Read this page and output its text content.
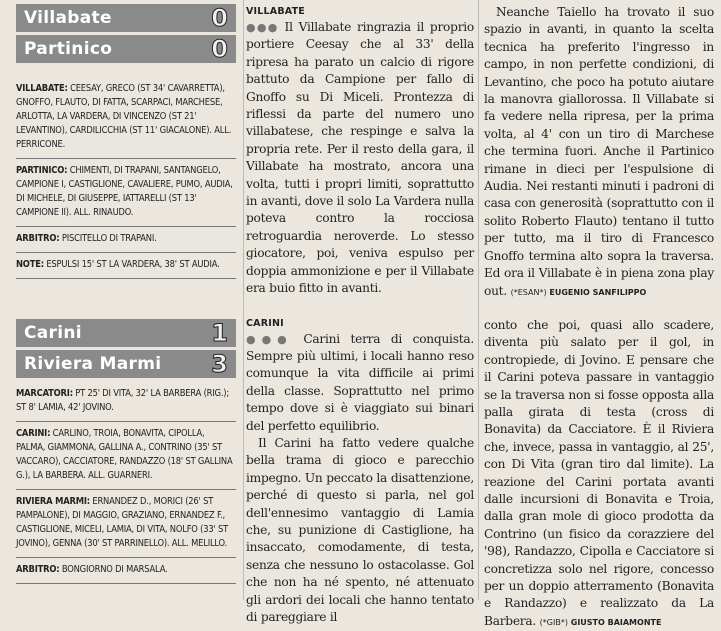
Villabate	0
Partinico	0

VILLABATE: CEESAY, GRECO (ST 34' CAVARRETTA), GNOFFO, FLAUTO, DI FATTA, SCARPACI, MARCHESE, ARLOTTA, LA VARDERA, DI VINCENZO (ST 21' LEVANTINO), CARDILICCHIA (ST 11' GIACALONE). ALL. PERRICONE.

PARTINICO: CHIMENTI, DI TRAPANI, SANTANGELO, CAMPIONE I, CASTIGLIONE, CAVALIERE, PUMO, AUDIA, DI MICHELE, DI GIUSEPPE, IATTARELLI (ST 13' CAMPIONE II). ALL. RINAUDO.

ARBITRO: PISCITELLO DI TRAPANI.

NOTE: ESPULSI 15' ST LA VARDERA, 38' ST AUDIA.

Carini	1
Riviera Marmi 3

MARCATORI: PT 25' DI VITA, 32' LA BARBERA (RIG.); ST 8' LAMIA, 42' JOVINO.

CARINI: CARLINO, TROIA, BONAVITA, CIPOLLA, PALMA, GIAMMONA, GALLINA A., CONTRINO (35' ST VACCARO), CACCIATORE, RANDAZZO (18' ST GALLINA G.), LA BARBERA. ALL. GUARNERI.

RIVIERA MARMI: ERNANDEZ D., MORICI (26' ST PAMPALONE), DI MAGGIO, GRAZIANO, ERNANDEZ F., CASTIGLIONE, MICELI, LAMIA, DI VITA, NOLFO (33' ST JOVINO), GENNA (30' ST PARRINELLO). ALL. MELILLO.

ARBITRO: BONGIORNO DI MARSALA.

VILLABATE

●●● Il Villabate ringrazia il proprio portiere Ceesay che al 33' della ripresa ha parato un calcio di rigore battuto da Campione per fallo di Gnoffo su Di Miceli. Prontezza di riflessi da parte del numero uno villabatese, che respinge e salva la propria rete. Per il resto della gara, il Villabate ha mostrato, ancora una volta, tutti i propri limiti, soprattutto in avanti, dove il solo La Vardera nulla poteva contro la rocciosa retroguardia neroverde. Lo stesso giocatore, poi, veniva espulso per doppia ammonizione e per il Villabate era buio fitto in avanti.

CARINI

●●● Carini terra di conquista. Sempre più ultimi, i locali hanno reso comunque la vita difficile ai primi della classe. Soprattutto nel primo tempo dove si è viaggiato sui binari del perfetto equilibrio.

Il Carini ha fatto vedere qualche bella trama di gioco e parecchio impegno. Un peccato la disattenzione, perché di questo si parla, nel gol dell'ennesimo vantaggio di Lamia che, su punizione di Castiglione, ha insaccato, comodamente, di testa, senza che nessuno lo ostacolasse. Gol che non ha né spento, né attenuato gli ardori dei locali che hanno tentato di pareggiare il

Neanche Taiello ha trovato il suo spazio in avanti, in quanto la scelta tecnica ha preferito l'ingresso in campo, in non perfette condizioni, di Levantino, che poco ha potuto aiutare la manovra giallorossa. Il Villabate si fa vedere nella ripresa, per la prima volta, al 4' con un tiro di Marchese che termina fuori. Anche il Partinico rimane in dieci per l'espulsione di Audia. Nei restanti minuti i padroni di casa con generosità (soprattutto con il solito Roberto Flauto) tentano il tutto per tutto, ma il tiro di Francesco Gnoffo termina alto sopra la traversa. Ed ora il Villabate è in piena zona play out. (*ESAN*) EUGENIO SANFILIPPO

conto che poi, quasi allo scadere, diventa più salato per il gol, in contropiede, di Jovino. E pensare che il Carini poteva passare in vantaggio se la traversa non si fosse opposta alla palla girata di testa (cross di Bonavita) da Cacciatore. È il Riviera che, invece, passa in vantaggio, al 25', con Di Vita (gran tiro dal limite). La reazione del Carini portata avanti dalle incursioni di Bonavita e Troia, dalla gran mole di gioco prodotta da Contrino (un fisico da corazziere del '98), Randazzo, Cipolla e Cacciatore si concretizza solo nel rigore, concesso per un doppio atterramento (Bonavita e Randazzo) e realizzato da La Barbera. (*GIB*) GIUSTO BAIAMONTE
